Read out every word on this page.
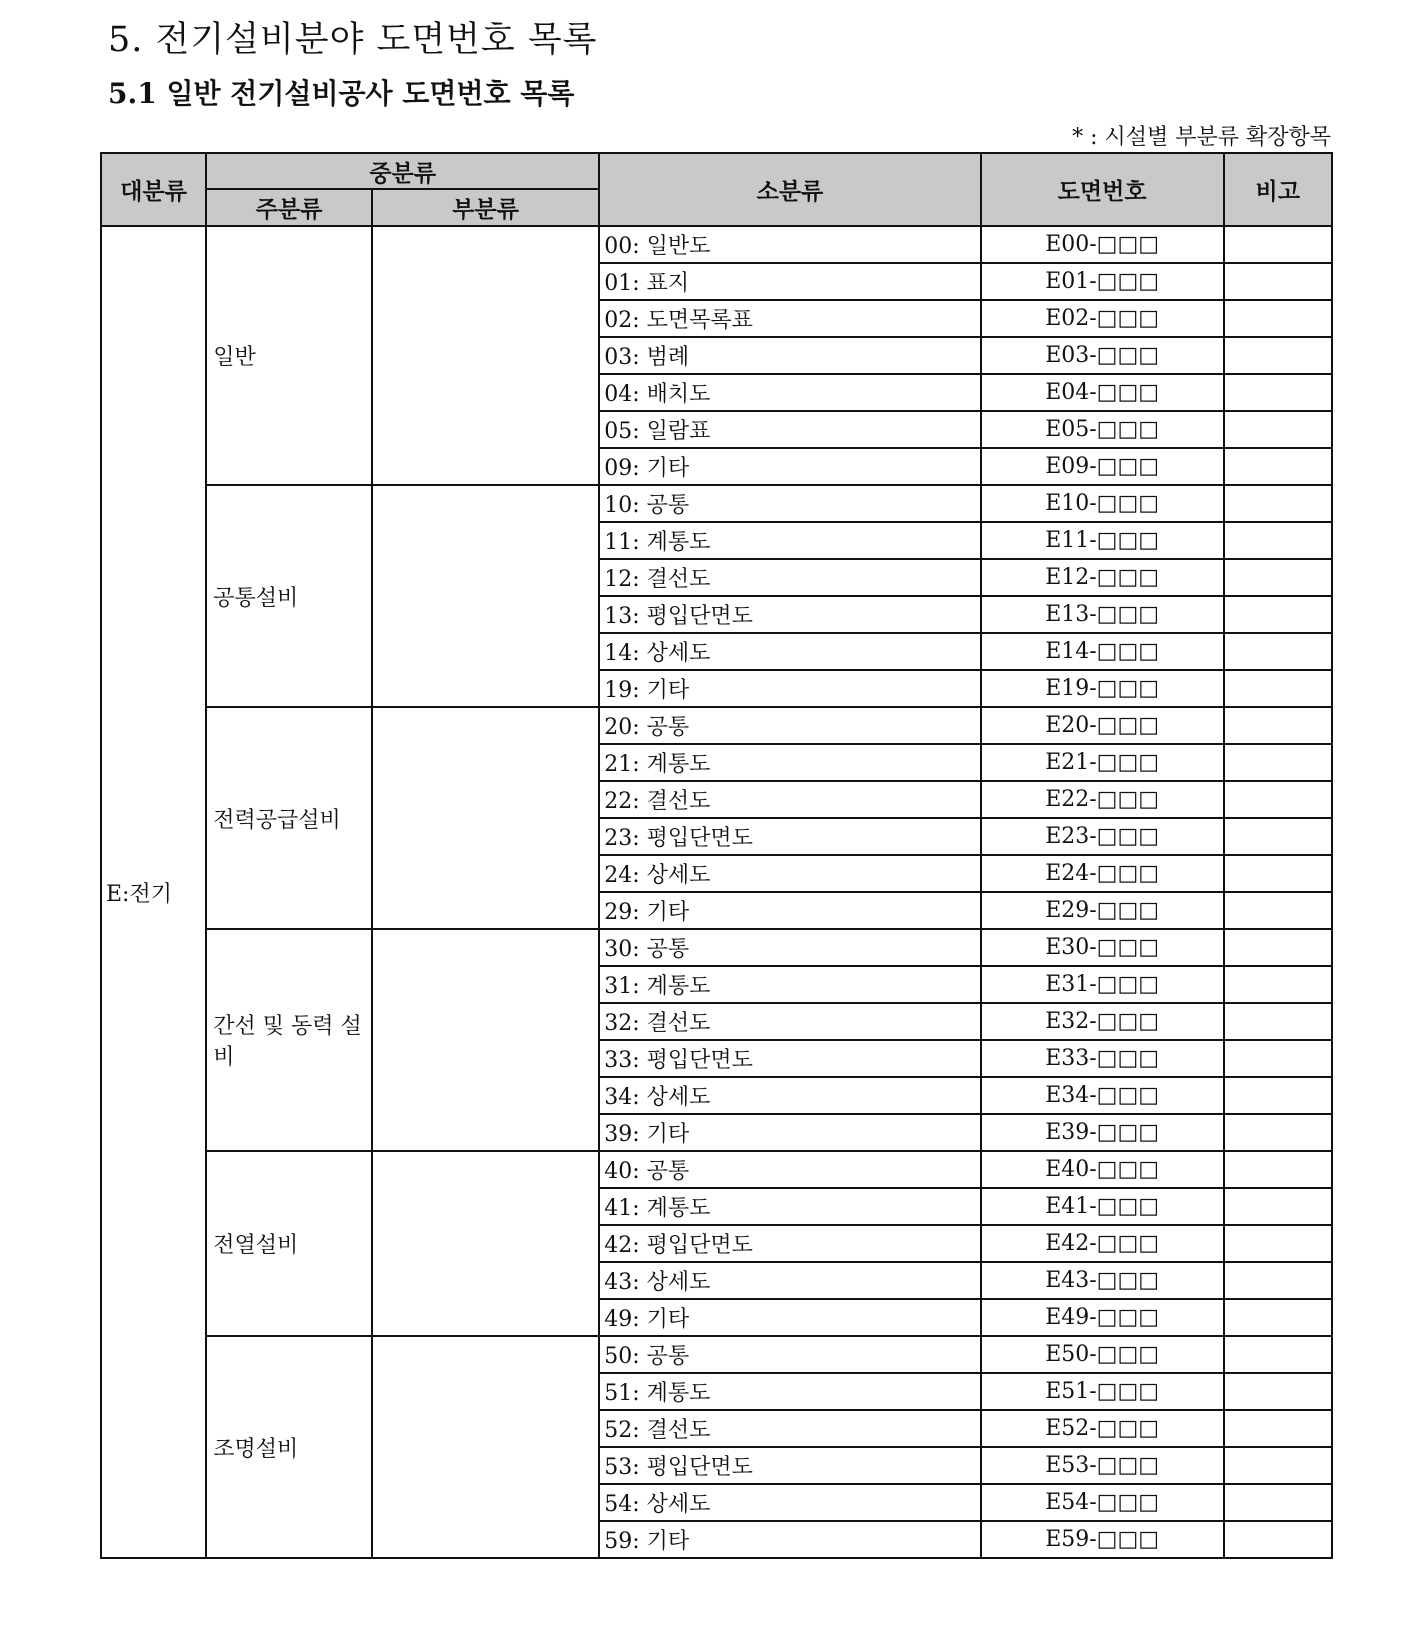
5. 전기설비분야 도면번호 목록
5.1 일반 전기설비공사 도면번호 목록
* : 시설별 부분류 확장항목
대분류	중분류		소분류	도면번호	비고
	주분류	부분류			
E:전기	일반		00: 일반도	E00-□□□	
			01: 표지	E01-□□□	
			02: 도면목록표	E02-□□□	
			03: 범례	E03-□□□	
			04: 배치도	E04-□□□	
			05: 일람표	E05-□□□	
			09: 기타	E09-□□□	
	공통설비		10: 공통	E10-□□□	
			11: 계통도	E11-□□□	
			12: 결선도	E12-□□□	
			13: 평입단면도	E13-□□□	
			14: 상세도	E14-□□□	
			19: 기타	E19-□□□	
	전력공급설비		20: 공통	E20-□□□	
			21: 계통도	E21-□□□	
			22: 결선도	E22-□□□	
			23: 평입단면도	E23-□□□	
			24: 상세도	E24-□□□	
			29: 기타	E29-□□□	
	간선 및 동력 설비		30: 공통	E30-□□□	
			31: 계통도	E31-□□□	
			32: 결선도	E32-□□□	
			33: 평입단면도	E33-□□□	
			34: 상세도	E34-□□□	
			39: 기타	E39-□□□	
	전열설비		40: 공통	E40-□□□	
			41: 계통도	E41-□□□	
			42: 평입단면도	E42-□□□	
			43: 상세도	E43-□□□	
			49: 기타	E49-□□□	
	조명설비		50: 공통	E50-□□□	
			51: 계통도	E51-□□□	
			52: 결선도	E52-□□□	
			53: 평입단면도	E53-□□□	
			54: 상세도	E54-□□□	
			59: 기타	E59-□□□	
